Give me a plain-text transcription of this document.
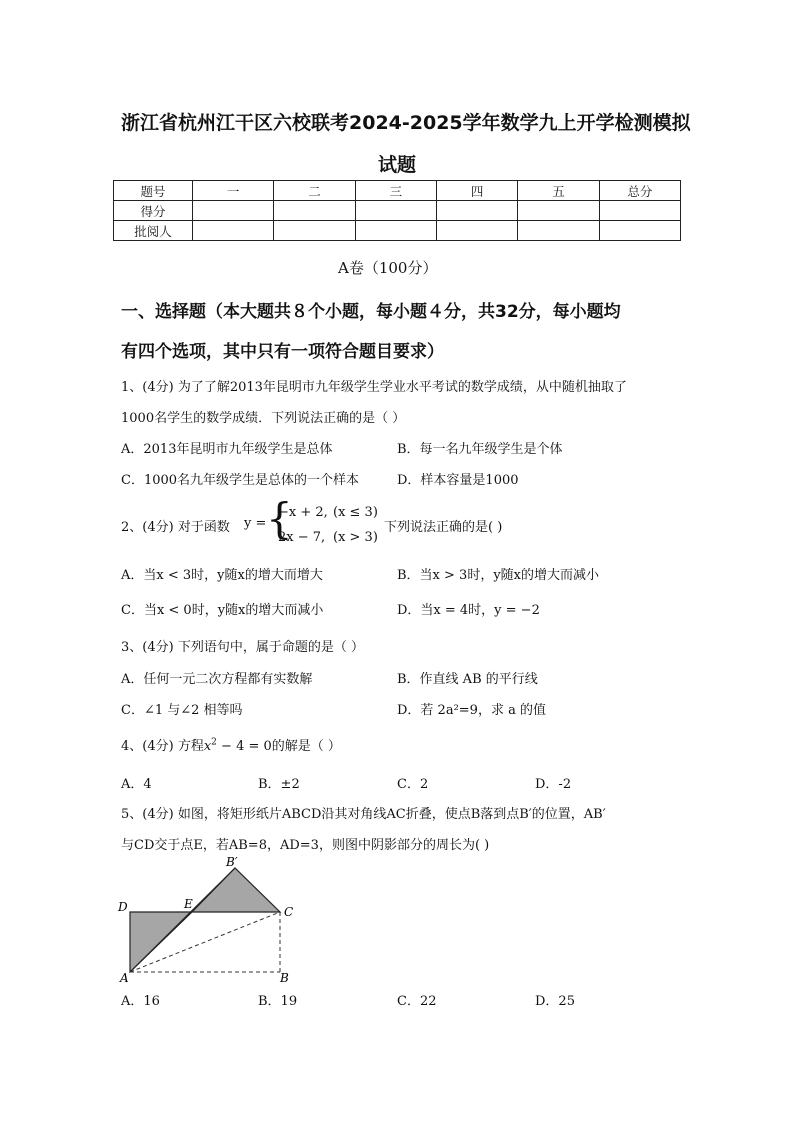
浙江省杭州江干区六校联考2024-2025学年数学九上开学检测模拟
试题
题号	一	二	三	四	五	总分
得分						
批阅人						
A卷（100分）
一、选择题（本大题共８个小题，每小题４分，共32分，每小题均
有四个选项，其中只有一项符合题目要求）
1、(4分) 为了了解2013年昆明市九年级学生学业水平考试的数学成绩，从中随机抽取了
1000名学生的数学成绩．下列说法正确的是（ ）
A．2013年昆明市九年级学生是总体	B．每一名九年级学生是个体
C．1000名九年级学生是总体的一个样本	D．样本容量是1000
2、(4分) 对于函数 y = {
−x + 2, (x ≤ 3)
2x − 7, (x > 3)
下列说法正确的是( )
A．当x < 3时，y随x的增大而增大	B．当x > 3时，y随x的增大而减小
C．当x < 0时，y随x的增大而减小	D．当x = 4时，y = −2
3、(4分) 下列语句中，属于命题的是（ ）
A．任何一元二次方程都有实数解	B．作直线 AB 的平行线
C．∠1 与∠2 相等吗	D．若 2a²=9，求 a 的值
4、(4分) 方程$x^2 - 4 = 0$的解是（ ）
A．4	B．±2	C．2	D．-2
5、(4分) 如图，将矩形纸片ABCD沿其对角线AC折叠，使点B落到点B′的位置，AB′
与CD交于点E，若AB=8，AD=3，则图中阴影部分的周长为( )
B′
D	E
C
A	B
A．16	B．19	C．22	D．25
